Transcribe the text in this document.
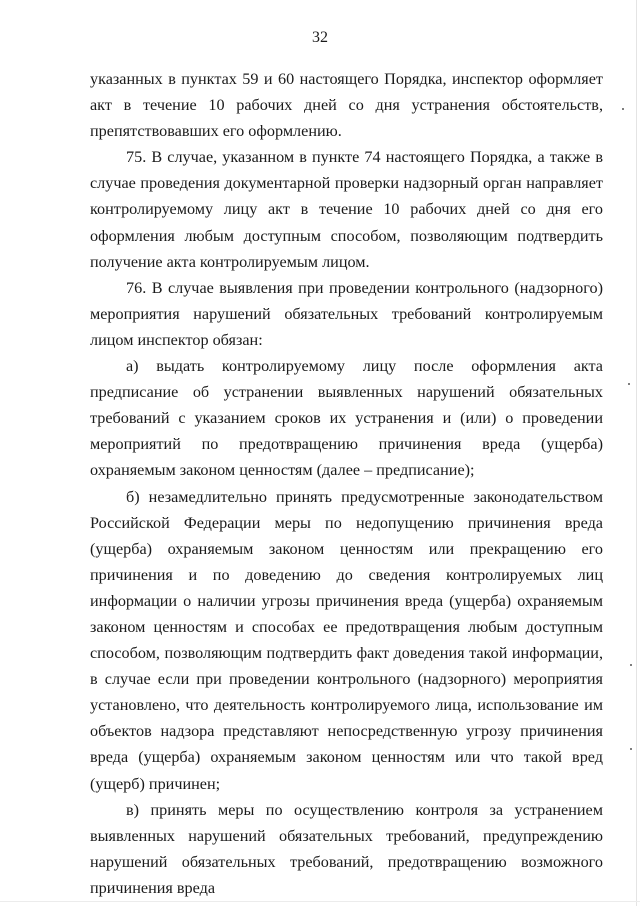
32

указанных в пунктах 59 и 60 настоящего Порядка, инспектор оформляет акт в течение 10 рабочих дней со дня устранения обстоятельств, препятствовавших его оформлению.

75. В случае, указанном в пункте 74 настоящего Порядка, а также в случае проведения документарной проверки надзорный орган направляет контролируемому лицу акт в течение 10 рабочих дней со дня его оформления любым доступным способом, позволяющим подтвердить получение акта контролируемым лицом.

76. В случае выявления при проведении контрольного (надзорного) мероприятия нарушений обязательных требований контролируемым лицом инспектор обязан:

а) выдать контролируемому лицу после оформления акта предписание об устранении выявленных нарушений обязательных требований с указанием сроков их устранения и (или) о проведении мероприятий по предотвращению причинения вреда (ущерба) охраняемым законом ценностям (далее – предписание);

б) незамедлительно принять предусмотренные законодательством Российской Федерации меры по недопущению причинения вреда (ущерба) охраняемым законом ценностям или прекращению его причинения и по доведению до сведения контролируемых лиц информации о наличии угрозы причинения вреда (ущерба) охраняемым законом ценностям и способах ее предотвращения любым доступным способом, позволяющим подтвердить факт доведения такой информации, в случае если при проведении контрольного (надзорного) мероприятия установлено, что деятельность контролируемого лица, использование им объектов надзора представляют непосредственную угрозу причинения вреда (ущерба) охраняемым законом ценностям или что такой вред (ущерб) причинен;

в) принять меры по осуществлению контроля за устранением выявленных нарушений обязательных требований, предупреждению нарушений обязательных требований, предотвращению возможного причинения вреда
